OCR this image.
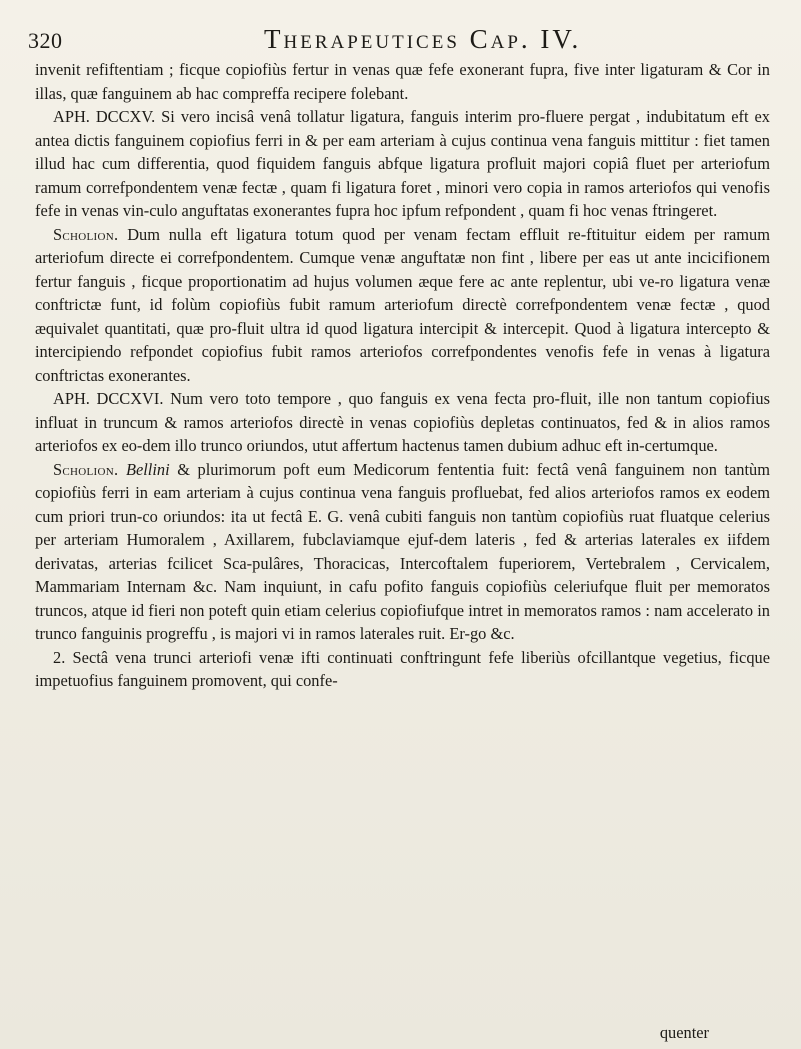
320	Therapeutices Cap. IV.

invenit refiftentiam ; ficque copiofiùs fertur in venas quæ fefe exonerant fupra, five inter ligaturam & Cor in illas, quæ fanguinem ab hac compreffa recipere folebant.

APH. DCCXV. Si vero incisâ venâ tollatur ligatura, fanguis interim pro-fluere pergat , indubitatum eft ex antea dictis fanguinem copiofius ferri in & per eam arteriam à cujus continua vena fanguis mittitur : fiet tamen illud hac cum differentia, quod fiquidem fanguis abfque ligatura profluit majori copiâ fluet per arteriofum ramum correfpondentem venæ fectæ , quam fi ligatura foret , minori vero copia in ramos arteriofos qui venofis fefe in venas vin-culo anguftatas exonerantes fupra hoc ipfum refpondent , quam fi hoc venas ftringeret.

Scholion. Dum nulla eft ligatura totum quod per venam fectam effluit re-ftituitur eidem per ramum arteriofum directe ei correfpondentem. Cumque venæ anguftatæ non fint , libere per eas ut ante incicifionem fertur fanguis , ficque proportionatim ad hujus volumen æque fere ac ante replentur, ubi ve-ro ligatura venæ conftrictæ funt, id folùm copiofiùs fubit ramum arteriofum directè correfpondentem venæ fectæ , quod æquivalet quantitati, quæ pro-fluit ultra id quod ligatura intercipit & intercepit. Quod à ligatura intercepto & intercipiendo refpondet copiofius fubit ramos arteriofos correfpondentes venofis fefe in venas à ligatura conftrictas exonerantes.

APH. DCCXVI. Num vero toto tempore , quo fanguis ex vena fecta pro-fluit, ille non tantum copiofius influat in truncum & ramos arteriofos directè in venas copiofiùs depletas continuatos, fed & in alios ramos arteriofos ex eo-dem illo trunco oriundos, utut affertum hactenus tamen dubium adhuc eft in-certumque.

Scholion. Bellini & plurimorum poft eum Medicorum fententia fuit: fectâ venâ fanguinem non tantùm copiofiùs ferri in eam arteriam à cujus continua vena fanguis profluebat, fed alios arteriofos ramos ex eodem cum priori trun-co oriundos: ita ut fectâ E. G. venâ cubiti fanguis non tantùm copiofiùs ruat fluatque celerius per arteriam Humoralem , Axillarem, fubclaviamque ejuf-dem lateris , fed & arterias laterales ex iifdem derivatas, arterias fcilicet Sca-pulâres, Thoracicas, Intercoftalem fuperiorem, Vertebralem , Cervicalem, Mammariam Internam &c. Nam inquiunt, in cafu pofito fanguis copiofiùs celeriufque fluit per memoratos truncos, atque id fieri non poteft quin etiam celerius copiofiufque intret in memoratos ramos : nam accelerato in trunco fanguinis progreffu , is majori vi in ramos laterales ruit. Er-go &c.

2. Sectâ vena trunci arteriofi venæ ifti continuati conftringunt fefe liberiùs ofcillantque vegetius, ficque impetuofius fanguinem promovent, qui confe-

quenter
